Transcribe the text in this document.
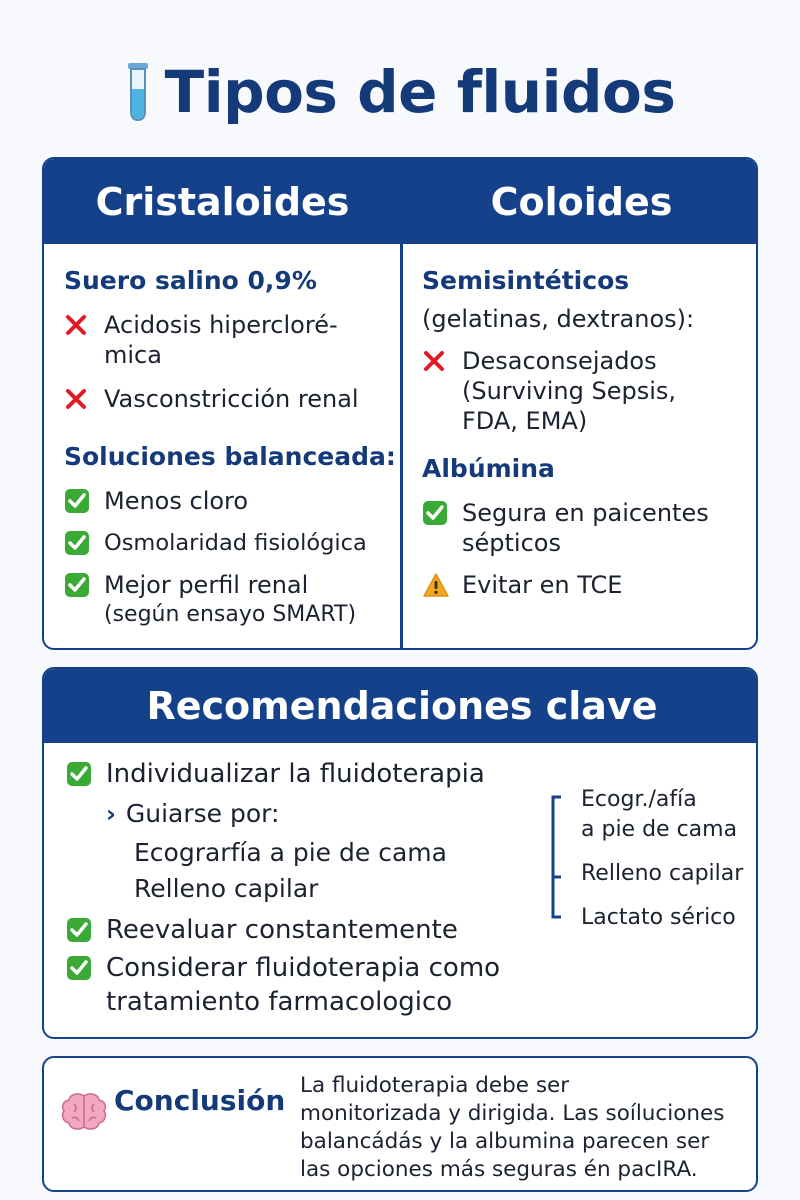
Tipos de fluidos
Cristaloides	Coloides
Suero salino 0,9%
Acidosis hipercloré-
mica
Vasconstricción renal
Soluciones balanceada:
Menos cloro
Osmolaridad fisiológica
Mejor perfil renal
(según ensayo SMART)
Semisintéticos
(gelatinas, dextranos):
Desaconsejados
(Surviving Sepsis,
FDA, EMA)
Albúmina
Segura en paicentes
sépticos
Evitar en TCE
Recomendaciones clave
Individualizar la fluidoterapia
› Guiarse por:
Ecograrfía a pie de cama
Relleno capilar
Reevaluar constantemente
Considerar fluidoterapia como
tratamiento farmacologico
Ecogr./afía
a pie de cama
Relleno capilar
Lactato sérico
Conclusión La fluidoterapia debe ser
monitorizada y dirigida. Las soíluciones
balancádás y la albumina parecen ser
las opciones más seguras én pacIRA.
